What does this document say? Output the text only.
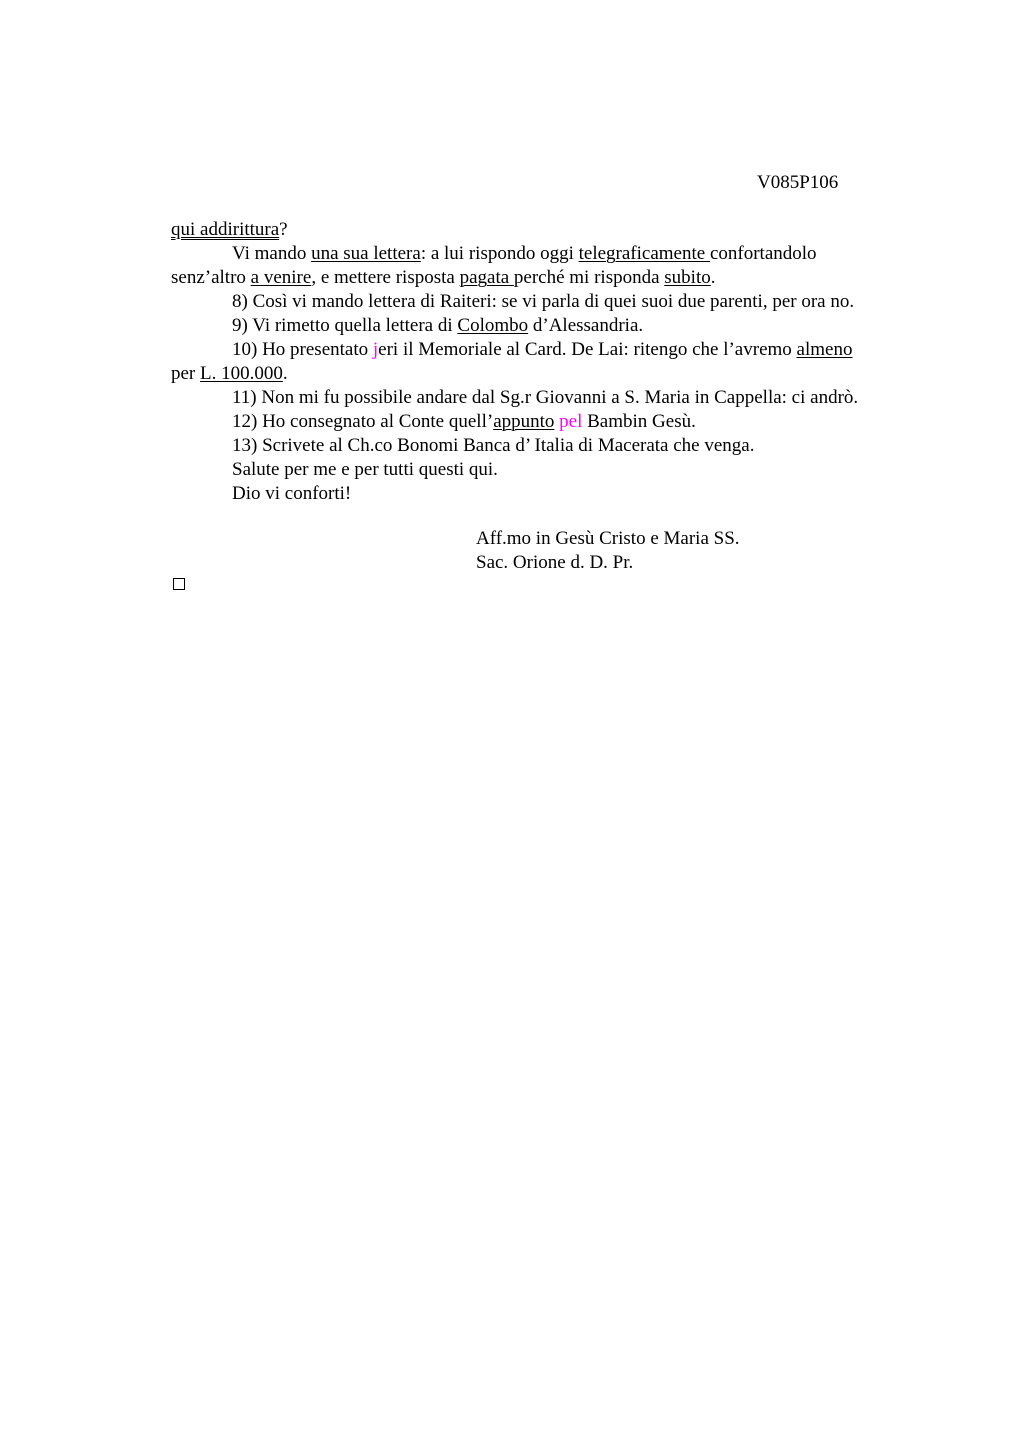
V085P106
qui addirittura?
Vi mando una sua lettera: a lui rispondo oggi telegraficamente confortandolo
senz’altro a venire, e mettere risposta pagata perché mi risponda subito.
8) Così vi mando lettera di Raiteri: se vi parla di quei suoi due parenti, per ora no.
9) Vi rimetto quella lettera di Colombo d’Alessandria.
10) Ho presentato jeri il Memoriale al Card. De Lai: ritengo che l’avremo almeno
per L. 100.000.
11) Non mi fu possibile andare dal Sg.r Giovanni a S. Maria in Cappella: ci andrò.
12) Ho consegnato al Conte quell’appunto pel Bambin Gesù.
13) Scrivete al Ch.co Bonomi Banca d’ Italia di Macerata che venga.
Salute per me e per tutti questi qui.
Dio vi conforti!
Aff.mo in Gesù Cristo e Maria SS.
Sac. Orione d. D. Pr.
